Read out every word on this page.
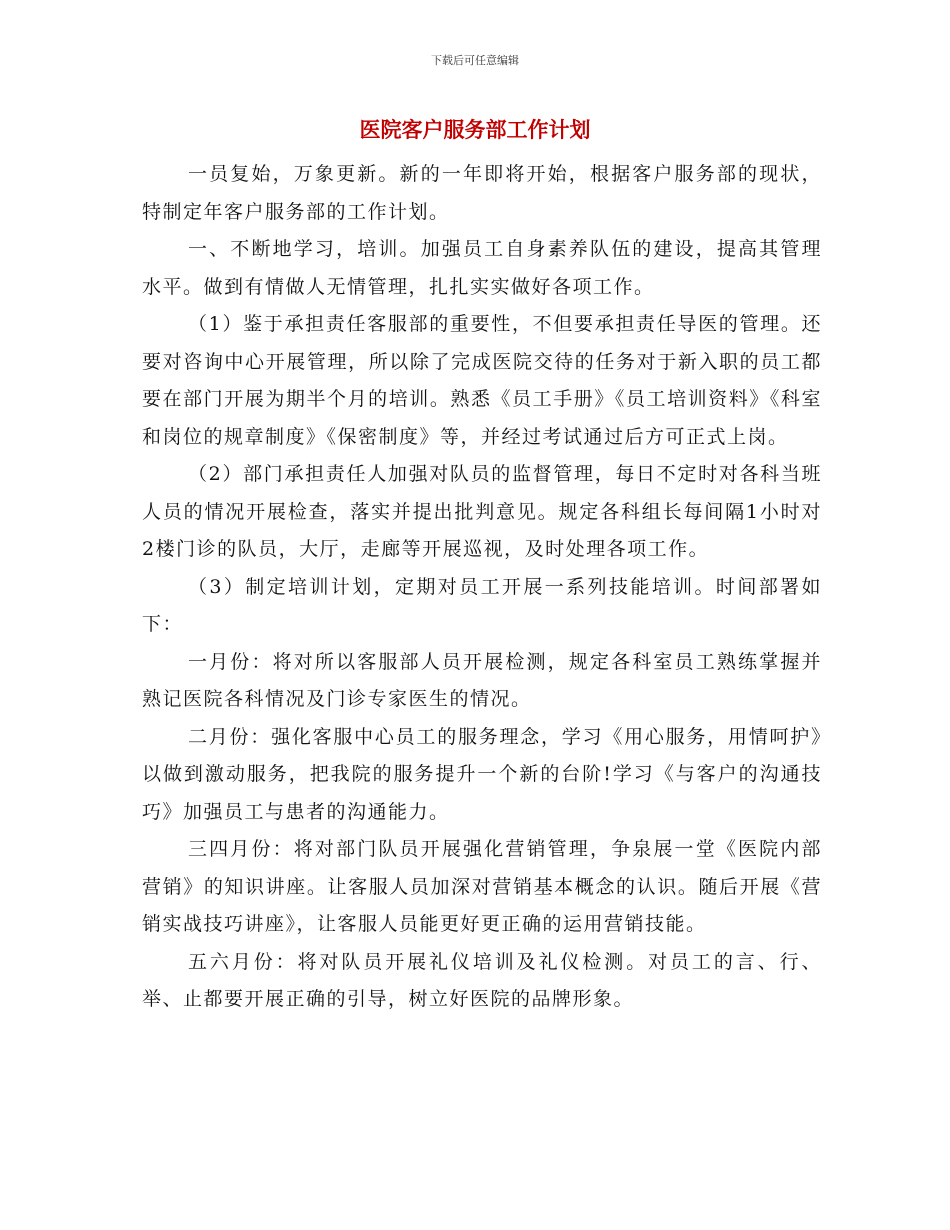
下载后可任意编辑
医院客户服务部工作计划

一员复始，万象更新。新的一年即将开始，根据客户服务部的现状，特制定年客户服务部的工作计划。

一、不断地学习，培训。加强员工自身素养队伍的建设，提高其管理水平。做到有情做人无情管理，扎扎实实做好各项工作。

（1）鉴于承担责任客服部的重要性，不但要承担责任导医的管理。还要对咨询中心开展管理，所以除了完成医院交待的任务对于新入职的员工都要在部门开展为期半个月的培训。熟悉《员工手册》《员工培训资料》《科室和岗位的规章制度》《保密制度》等，并经过考试通过后方可正式上岗。

（2）部门承担责任人加强对队员的监督管理，每日不定时对各科当班人员的情况开展检查，落实并提出批判意见。规定各科组长每间隔1小时对2楼门诊的队员，大厅，走廊等开展巡视，及时处理各项工作。

（3）制定培训计划，定期对员工开展一系列技能培训。时间部署如下：

一月份：将对所以客服部人员开展检测，规定各科室员工熟练掌握并熟记医院各科情况及门诊专家医生的情况。

二月份：强化客服中心员工的服务理念，学习《用心服务，用情呵护》以做到激动服务，把我院的服务提升一个新的台阶!学习《与客户的沟通技巧》加强员工与患者的沟通能力。

三四月份：将对部门队员开展强化营销管理，争泉展一堂《医院内部营销》的知识讲座。让客服人员加深对营销基本概念的认识。随后开展《营销实战技巧讲座》，让客服人员能更好更正确的运用营销技能。

五六月份：将对队员开展礼仪培训及礼仪检测。对员工的言、行、举、止都要开展正确的引导，树立好医院的品牌形象。
